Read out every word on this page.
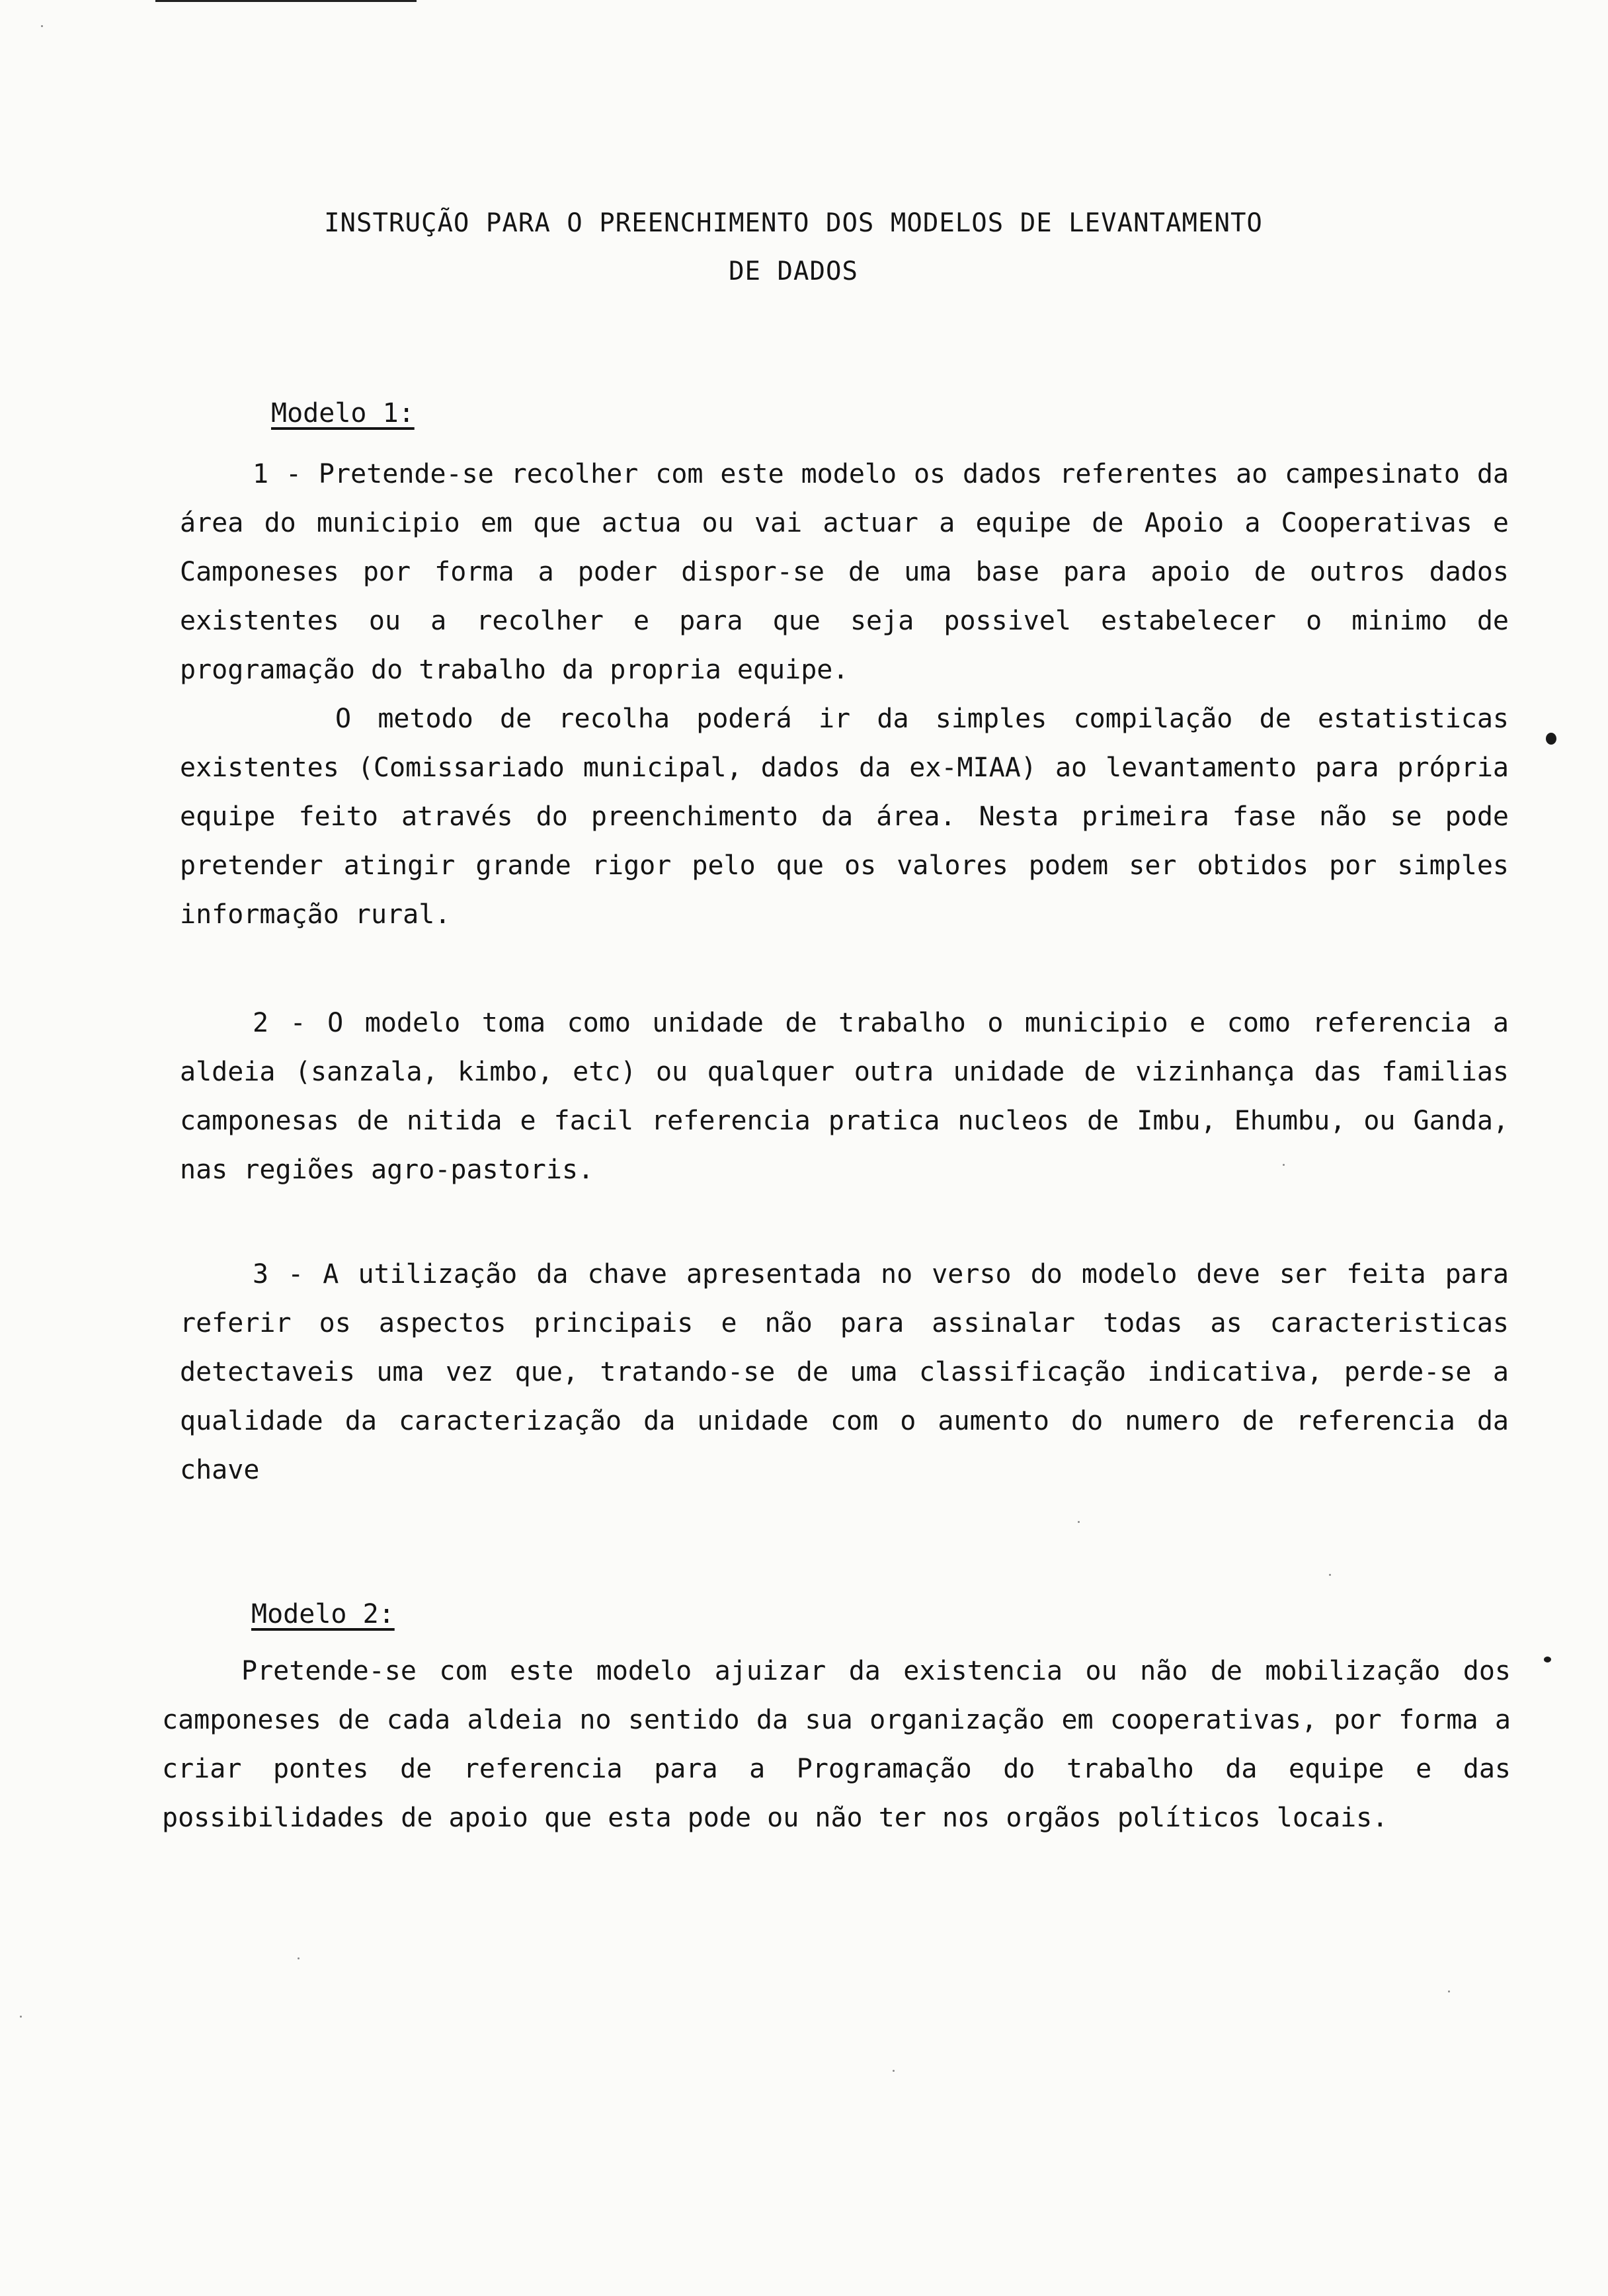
INSTRUÇÃO PARA O PREENCHIMENTO DOS MODELOS DE LEVANTAMENTO
DE DADOS
Modelo 1:
1 - Pretende-se recolher com este modelo os dados referentes ao campesinato da área do municipio em que actua ou vai actuar a equipe de Apoio a Cooperativas e Camponeses por forma a poder dispor-se de uma base para apoio de outros dados existentes ou a recolher e para que seja possivel estabelecer o minimo de programação do trabalho da propria equipe.
O metodo de recolha poderá ir da simples compilação de estatisticas existentes (Comissariado municipal, dados da ex-MIAA) ao levantamento para própria equipe feito através do preenchimento da área. Nesta primeira fase não se pode pretender atingir grande rigor pelo que os valores podem ser obtidos por simples informação rural.
2 - O modelo toma como unidade de trabalho o municipio e como referencia a aldeia (sanzala, kimbo, etc) ou qualquer outra unidade de vizinhança das familias camponesas de nitida e facil referencia pratica nucleos de Imbu, Ehumbu, ou Ganda, nas regiões agro-pastoris.
3 - A utilização da chave apresentada no verso do modelo deve ser feita para referir os aspectos principais e não para assinalar todas as caracteristicas detectaveis uma vez que, tratando-se de uma classificação indicativa, perde-se a qualidade da caracterização da unidade com o aumento do numero de referencia da chave
Modelo 2:
Pretende-se com este modelo ajuizar da existencia ou não de mobilização dos camponeses de cada aldeia no sentido da sua organização em cooperativas, por forma a criar pontes de referencia para a Programação do trabalho da equipe e das possibilidades de apoio que esta pode ou não ter nos orgãos políticos locais.
